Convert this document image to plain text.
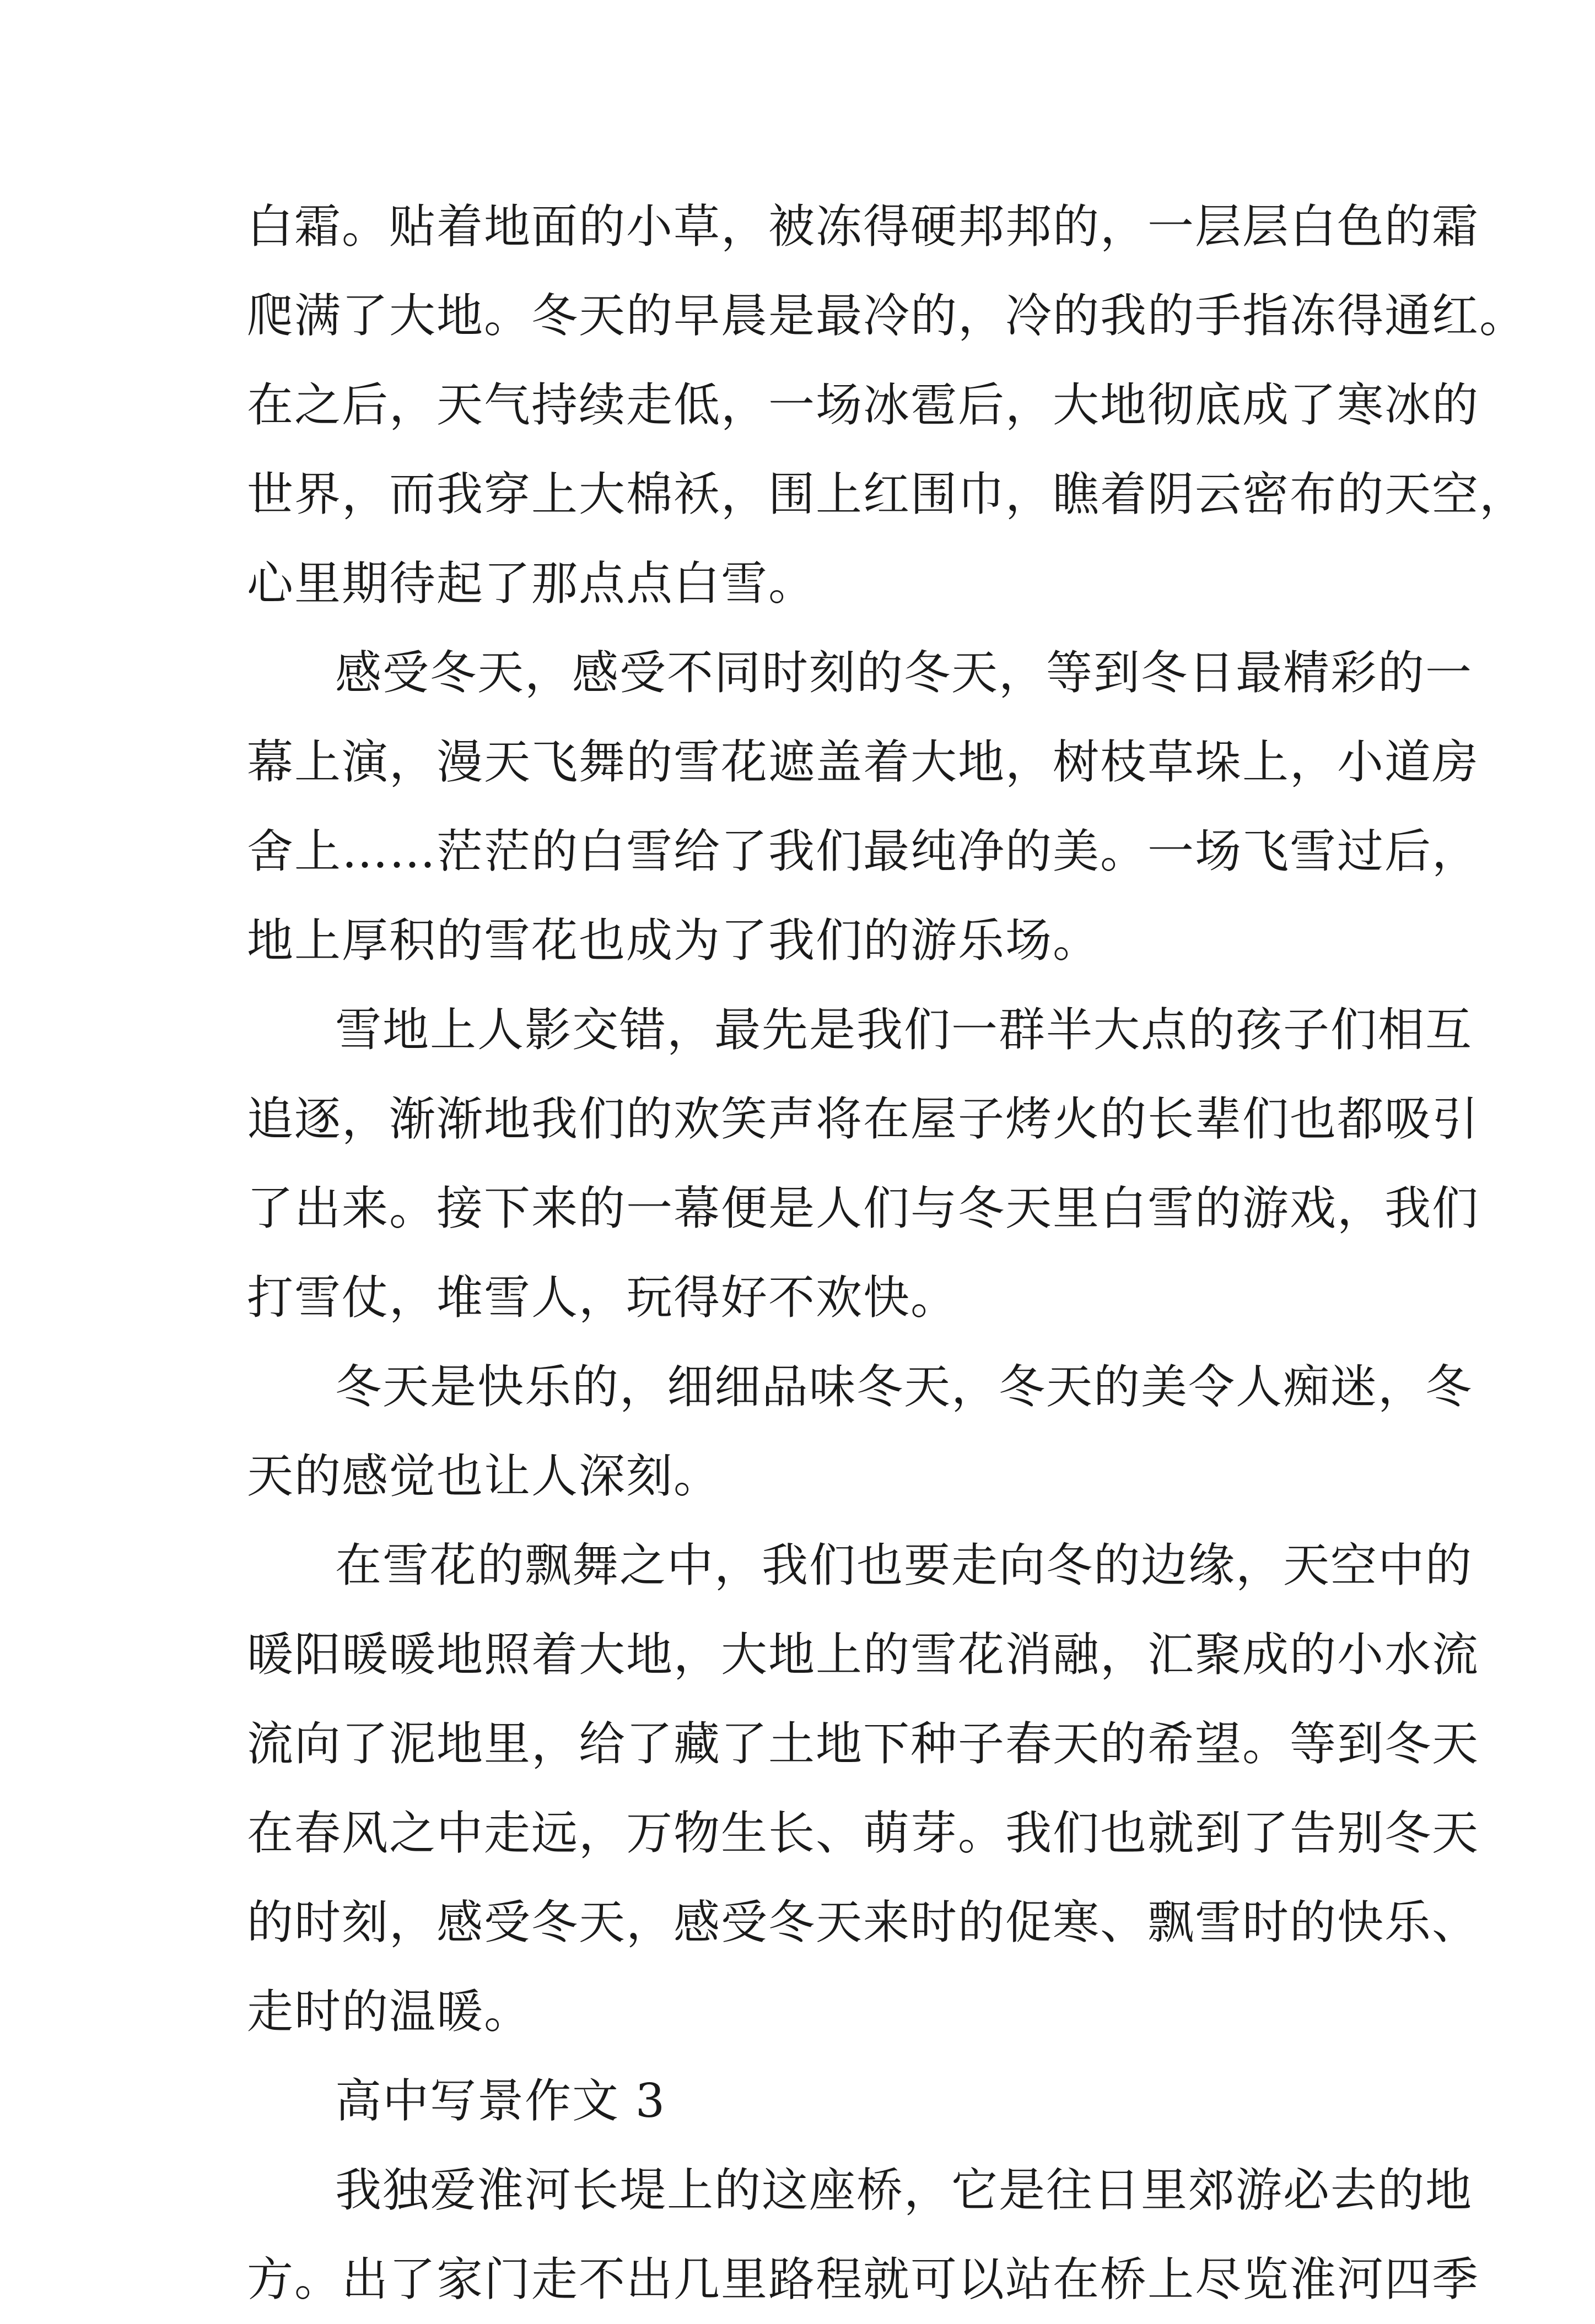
白霜。贴着地面的小草，被冻得硬邦邦的，一层层白色的霜
爬满了大地。冬天的早晨是最冷的，冷的我的手指冻得通红。
在之后，天气持续走低，一场冰雹后，大地彻底成了寒冰的
世界，而我穿上大棉袄，围上红围巾，瞧着阴云密布的天空，
心里期待起了那点点白雪。
感受冬天，感受不同时刻的冬天，等到冬日最精彩的一
幕上演，漫天飞舞的雪花遮盖着大地，树枝草垛上，小道房
舍上……茫茫的白雪给了我们最纯净的美。一场飞雪过后，
地上厚积的雪花也成为了我们的游乐场。
雪地上人影交错，最先是我们一群半大点的孩子们相互
追逐，渐渐地我们的欢笑声将在屋子烤火的长辈们也都吸引
了出来。接下来的一幕便是人们与冬天里白雪的游戏，我们
打雪仗，堆雪人，玩得好不欢快。
冬天是快乐的，细细品味冬天，冬天的美令人痴迷，冬
天的感觉也让人深刻。
在雪花的飘舞之中，我们也要走向冬的边缘，天空中的
暖阳暖暖地照着大地，大地上的雪花消融，汇聚成的小水流
流向了泥地里，给了藏了土地下种子春天的希望。等到冬天
在春风之中走远，万物生长、萌芽。我们也就到了告别冬天
的时刻，感受冬天，感受冬天来时的促寒、飘雪时的快乐、
走时的温暖。
高中写景作文 3
我独爱淮河长堤上的这座桥，它是往日里郊游必去的地
方。出了家门走不出几里路程就可以站在桥上尽览淮河四季
